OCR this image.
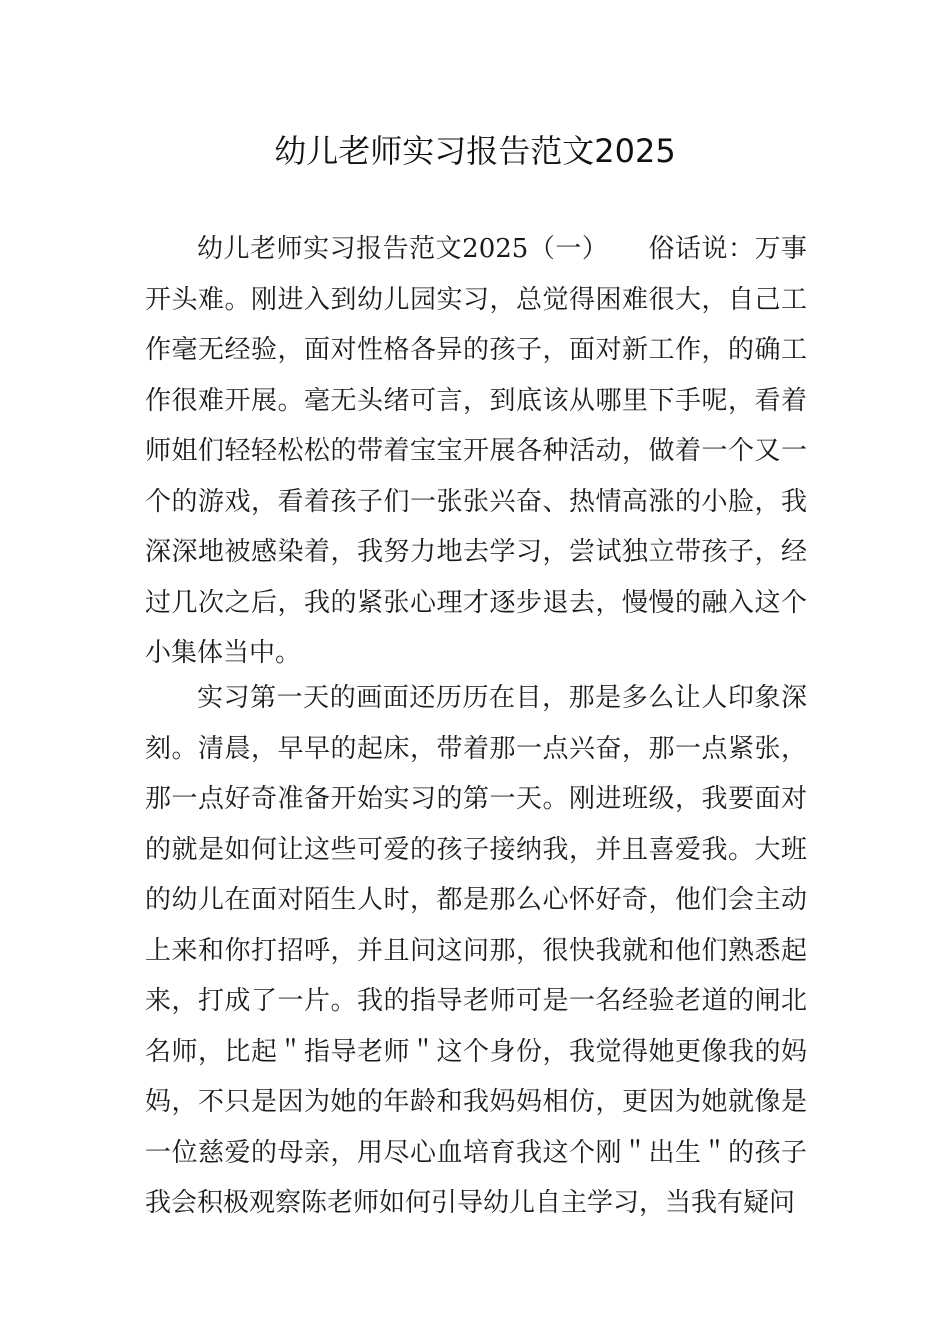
幼儿老师实习报告范文2025

幼儿老师实习报告范文2025（一）　　俗话说：万事开头难。刚进入到幼儿园实习，总觉得困难很大，自己工作毫无经验，面对性格各异的孩子，面对新工作，的确工作很难开展。毫无头绪可言，到底该从哪里下手呢，看着师姐们轻轻松松的带着宝宝开展各种活动，做着一个又一个的游戏，看着孩子们一张张兴奋、热情高涨的小脸，我深深地被感染着，我努力地去学习，尝试独立带孩子，经过几次之后，我的紧张心理才逐步退去，慢慢的融入这个小集体当中。

实习第一天的画面还历历在目，那是多么让人印象深刻。清晨，早早的起床，带着那一点兴奋，那一点紧张，那一点好奇准备开始实习的第一天。刚进班级，我要面对的就是如何让这些可爱的孩子接纳我，并且喜爱我。大班的幼儿在面对陌生人时，都是那么心怀好奇，他们会主动上来和你打招呼，并且问这问那，很快我就和他们熟悉起来，打成了一片。我的指导老师可是一名经验老道的闸北名师，比起＂指导老师＂这个身份，我觉得她更像我的妈妈，不只是因为她的年龄和我妈妈相仿，更因为她就像是一位慈爱的母亲，用尽心血培育我这个刚＂出生＂的孩子我会积极观察陈老师如何引导幼儿自主学习，当我有疑问
